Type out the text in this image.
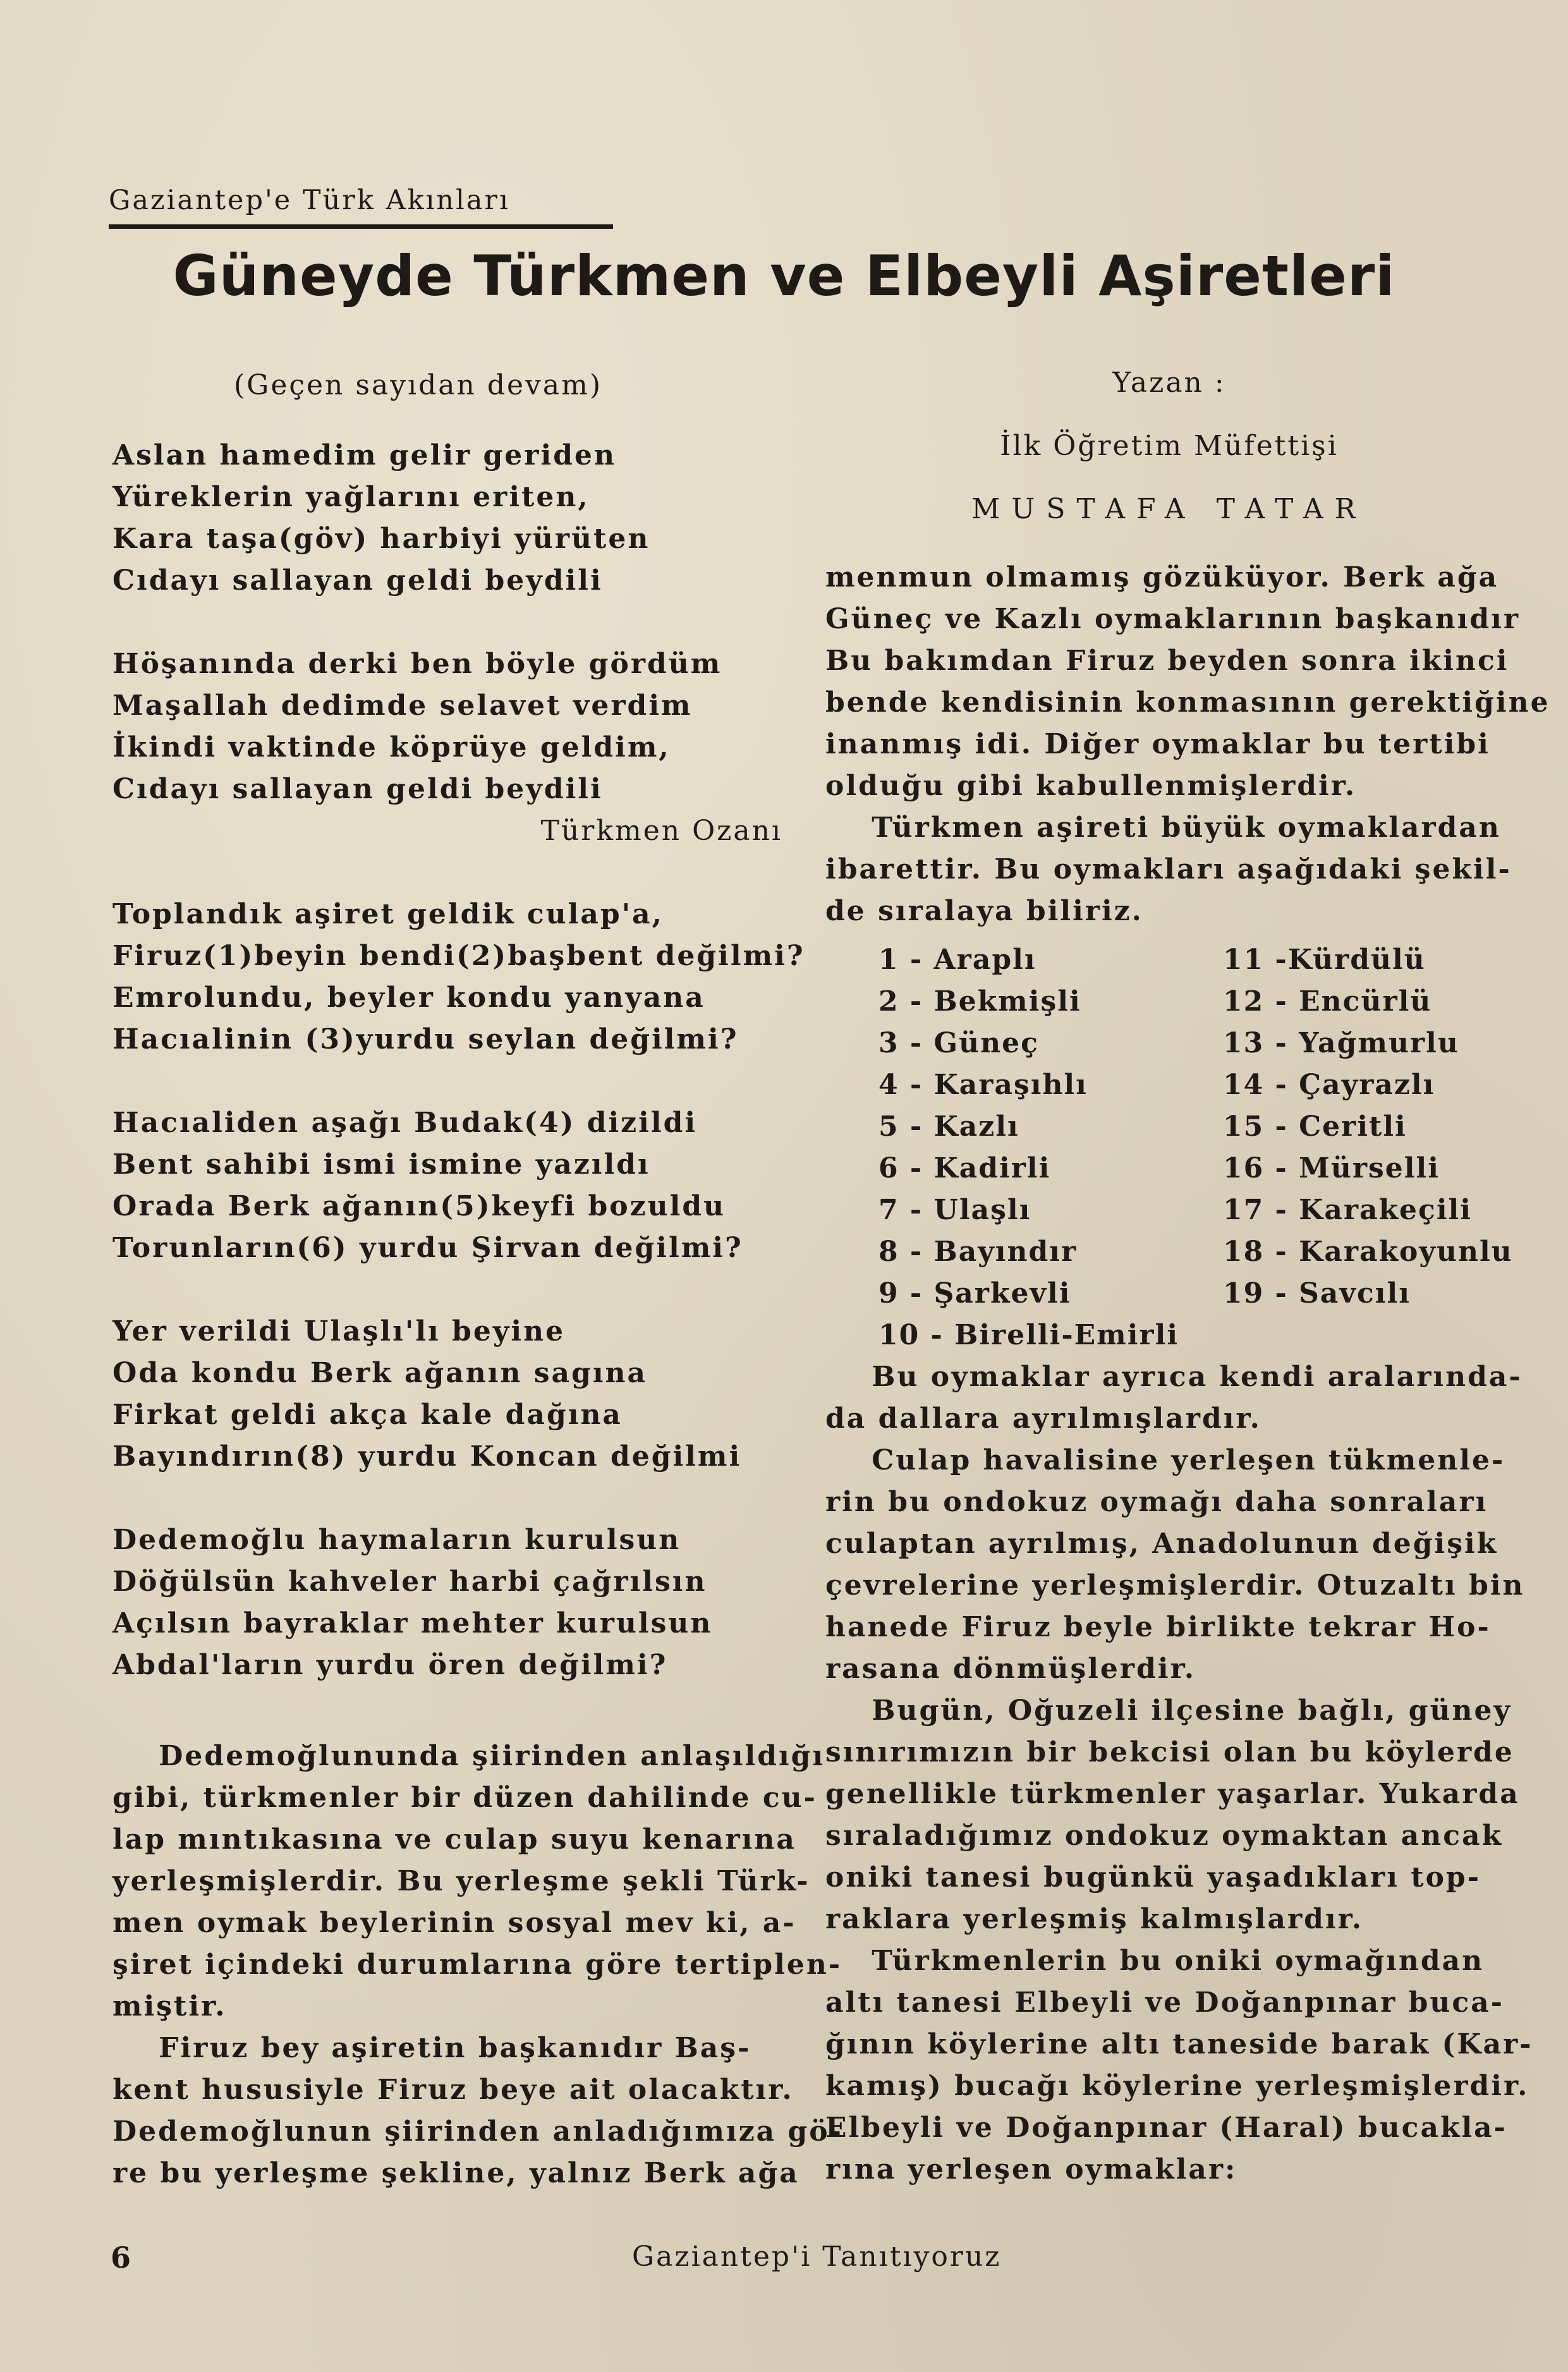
Gaziantep'e Türk Akınları
Güneyde Türkmen ve Elbeyli Aşiretleri
(Geçen sayıdan devam)
Aslan hamedim gelir geriden
Yüreklerin yağlarını eriten,
Kara taşa(göv) harbiyi yürüten
Cıdayı sallayan geldi beydili
Höşanında derki ben böyle gördüm
Maşallah dedimde selavet verdim
İkindi vaktinde köprüye geldim,
Cıdayı sallayan geldi beydili
Türkmen Ozanı
Toplandık aşiret geldik culap'a,
Firuz(1)beyin bendi(2)başbent değilmi?
Emrolundu, beyler kondu yanyana
Hacıalinin (3)yurdu seylan değilmi?
Hacıaliden aşağı Budak(4) dizildi
Bent sahibi ismi ismine yazıldı
Orada Berk ağanın(5)keyfi bozuldu
Torunların(6) yurdu Şirvan değilmi?
Yer verildi Ulaşlı'lı beyine
Oda kondu Berk ağanın sagına
Firkat geldi akça kale dağına
Bayındırın(8) yurdu Koncan değilmi
Dedemoğlu haymaların kurulsun
Döğülsün kahveler harbi çağrılsın
Açılsın bayraklar mehter kurulsun
Abdal'ların yurdu ören değilmi?
Dedemoğlununda şiirinden anlaşıldığı
gibi, türkmenler bir düzen dahilinde cu-
lap mıntıkasına ve culap suyu kenarına
yerleşmişlerdir. Bu yerleşme şekli Türk-
men oymak beylerinin sosyal mev ki, a-
şiret içindeki durumlarına göre tertiplen-
miştir.
Firuz bey aşiretin başkanıdır Baş-
kent hususiyle Firuz beye ait olacaktır.
Dedemoğlunun şiirinden anladığımıza gö-
re bu yerleşme şekline, yalnız Berk ağa
Yazan :
İlk Öğretim Müfettişi
MUSTAFA TATAR
menmun olmamış gözüküyor. Berk ağa
Güneç ve Kazlı oymaklarının başkanıdır
Bu bakımdan Firuz beyden sonra ikinci
bende kendisinin konmasının gerektiğine
inanmış idi. Diğer oymaklar bu tertibi
olduğu gibi kabullenmişlerdir.
Türkmen aşireti büyük oymaklardan
ibarettir. Bu oymakları aşağıdaki şekil-
de sıralaya biliriz.
1 - Araplı
2 - Bekmişli
3 - Güneç
4 - Karaşıhlı
5 - Kazlı
6 - Kadirli
7 - Ulaşlı
8 - Bayındır
9 - Şarkevli
10 - Birelli-Emirli
11 -Kürdülü
12 - Encürlü
13 - Yağmurlu
14 - Çayrazlı
15 - Ceritli
16 - Mürselli
17 - Karakeçili
18 - Karakoyunlu
19 - Savcılı
Bu oymaklar ayrıca kendi aralarında-
da dallara ayrılmışlardır.
Culap havalisine yerleşen tükmenle-
rin bu ondokuz oymağı daha sonraları
culaptan ayrılmış, Anadolunun değişik
çevrelerine yerleşmişlerdir. Otuzaltı bin
hanede Firuz beyle birlikte tekrar Ho-
rasana dönmüşlerdir.
Bugün, Oğuzeli ilçesine bağlı, güney
sınırımızın bir bekcisi olan bu köylerde
genellikle türkmenler yaşarlar. Yukarda
sıraladığımız ondokuz oymaktan ancak
oniki tanesi bugünkü yaşadıkları top-
raklara yerleşmiş kalmışlardır.
Türkmenlerin bu oniki oymağından
altı tanesi Elbeyli ve Doğanpınar buca-
ğının köylerine altı tanesidе barak (Kar-
kamış) bucağı köylerine yerleşmişlerdir.
Elbeyli ve Doğanpınar (Haral) bucakla-
rına yerleşen oymaklar:
6	Gaziantep'i Tanıtıyoruz
